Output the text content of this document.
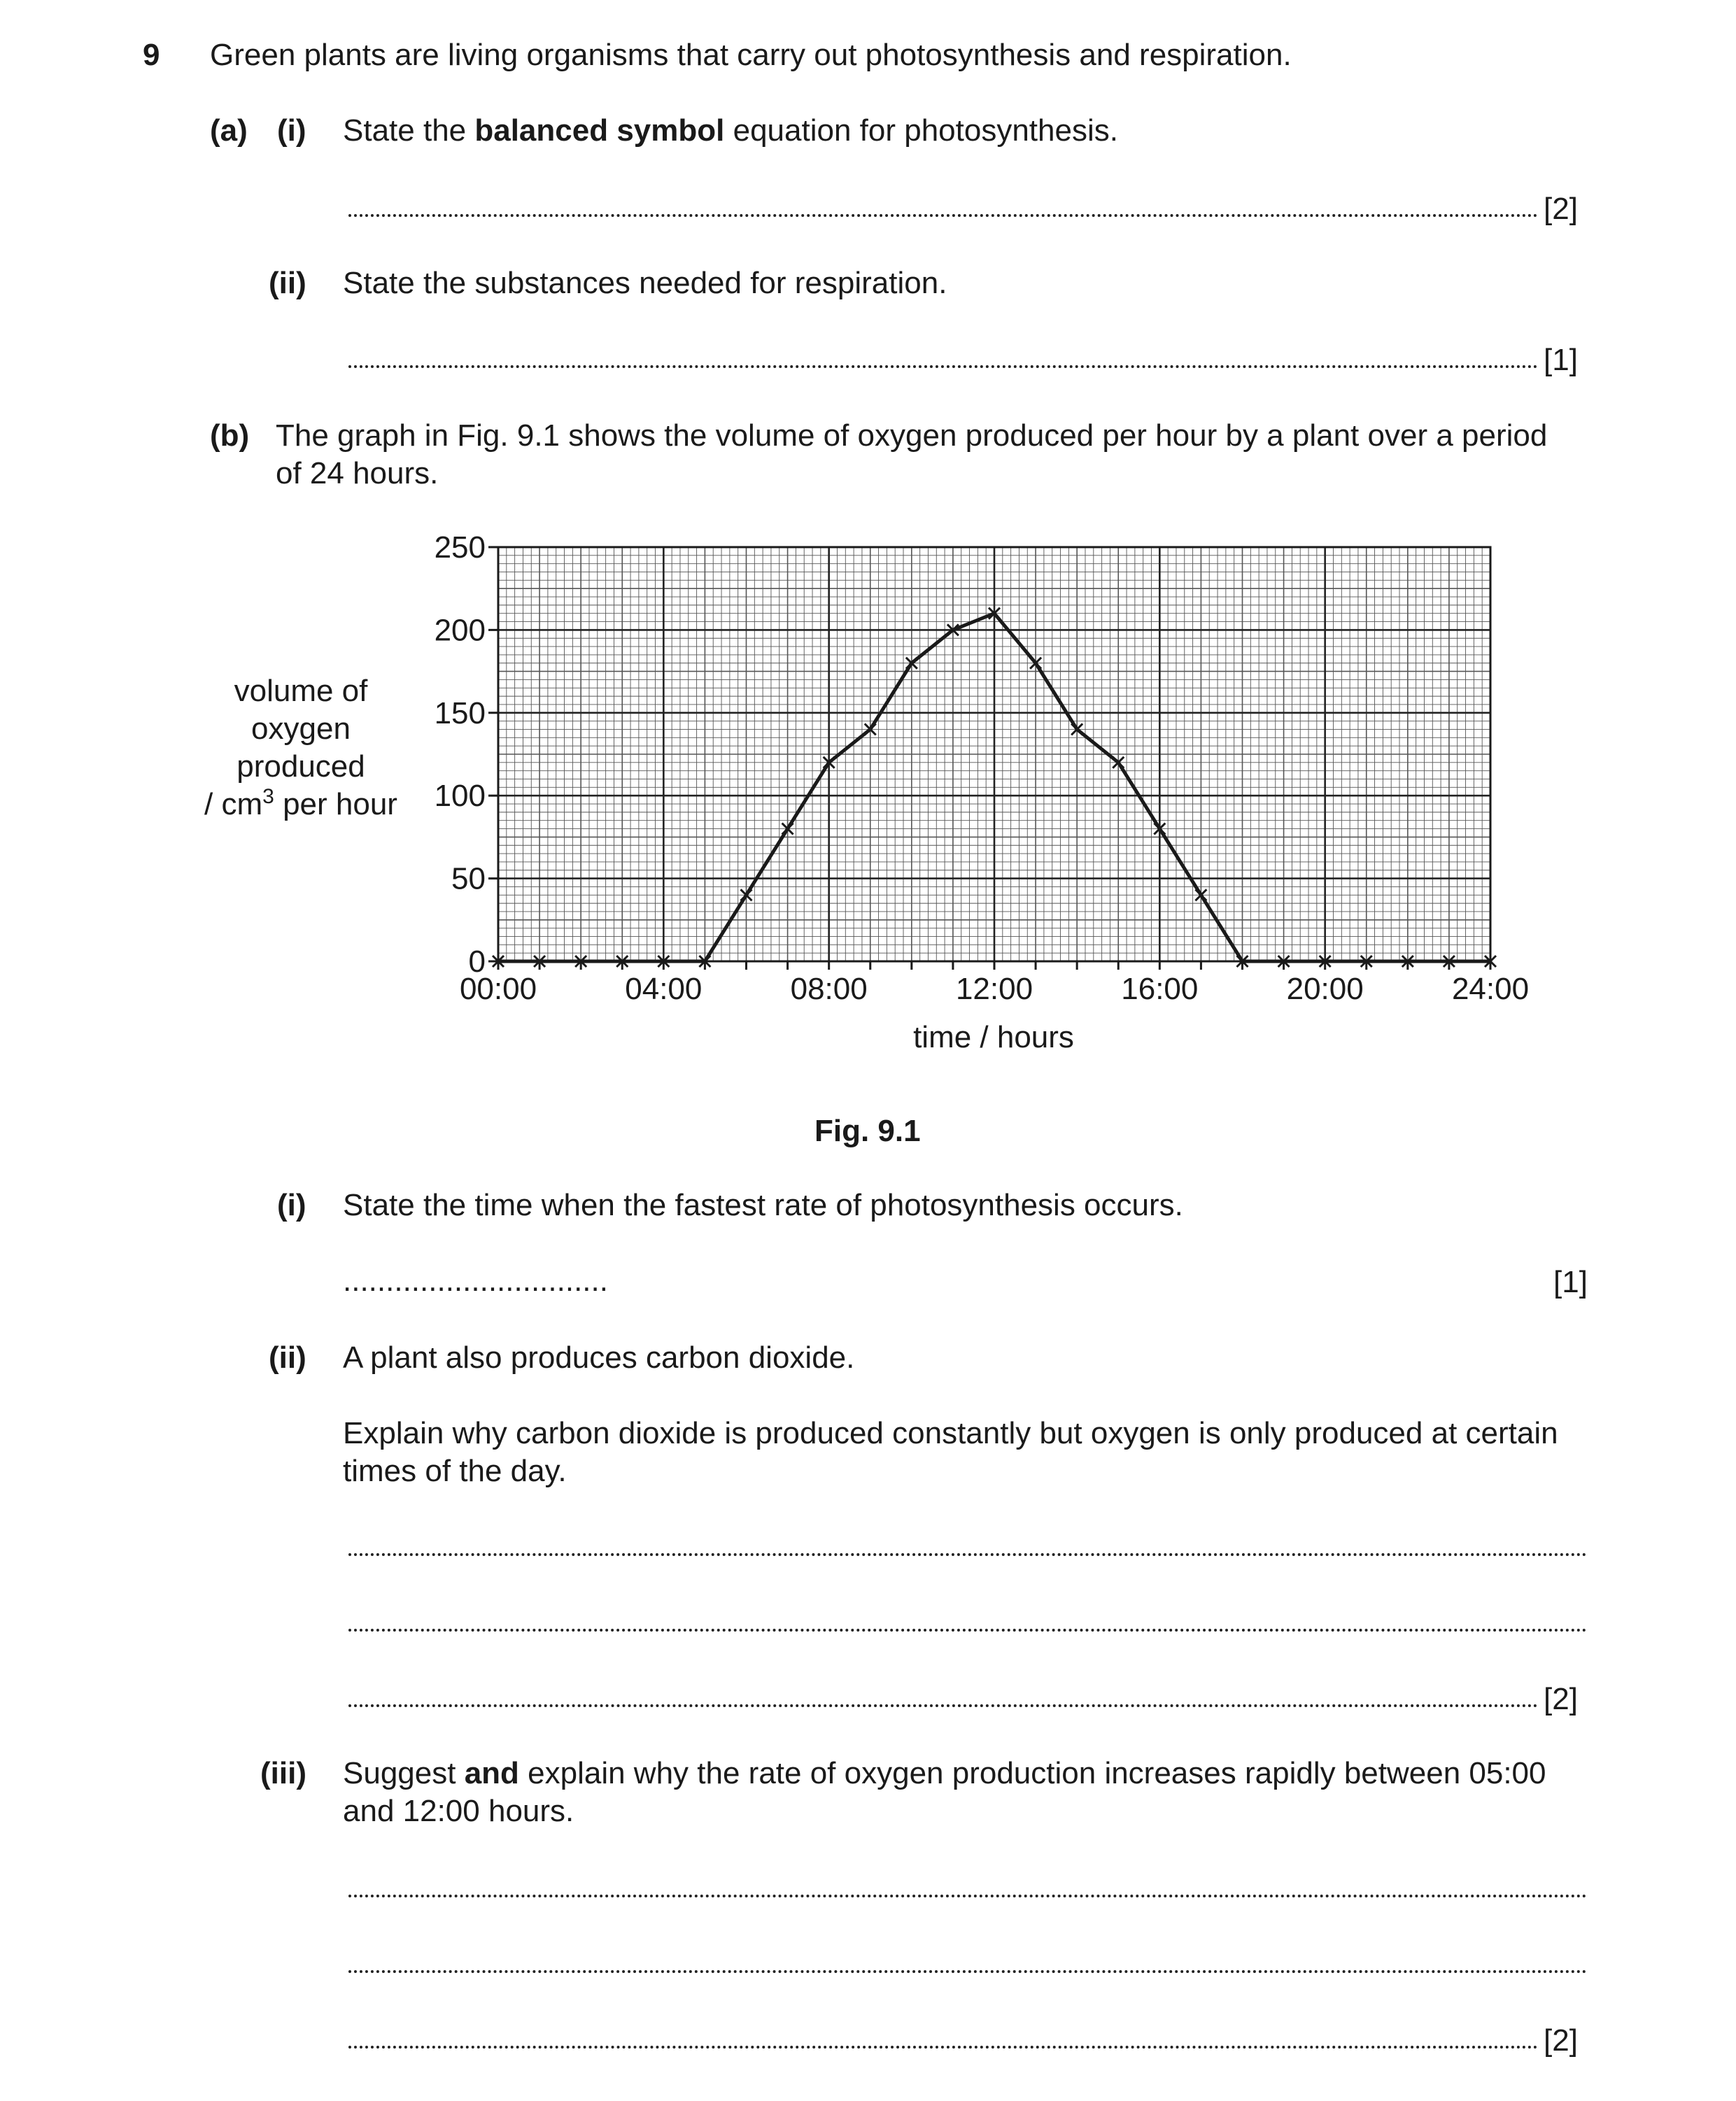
9 Green plants are living organisms that carry out photosynthesis and respiration.
(a) (i) State the balanced symbol equation for photosynthesis.
[2]
(ii) State the substances needed for respiration.
[1]
(b) The graph in Fig. 9.1 shows the volume of oxygen produced per hour by a plant over a period
of 24 hours.
0
50
100
150
200
250
00:00	04:00	08:00	12:00	16:00	20:00	24:00
time / hours
volume of
oxygen
produced
/ $cm^3$ per hour
Fig. 9.1
(i) State the time when the fastest rate of photosynthesis occurs.
...............................	[1]
(ii) A plant also produces carbon dioxide.
Explain why carbon dioxide is produced constantly but oxygen is only produced at certain
times of the day.
[2]
(iii) Suggest and explain why the rate of oxygen production increases rapidly between 05:00
and 12:00 hours.
[2]
